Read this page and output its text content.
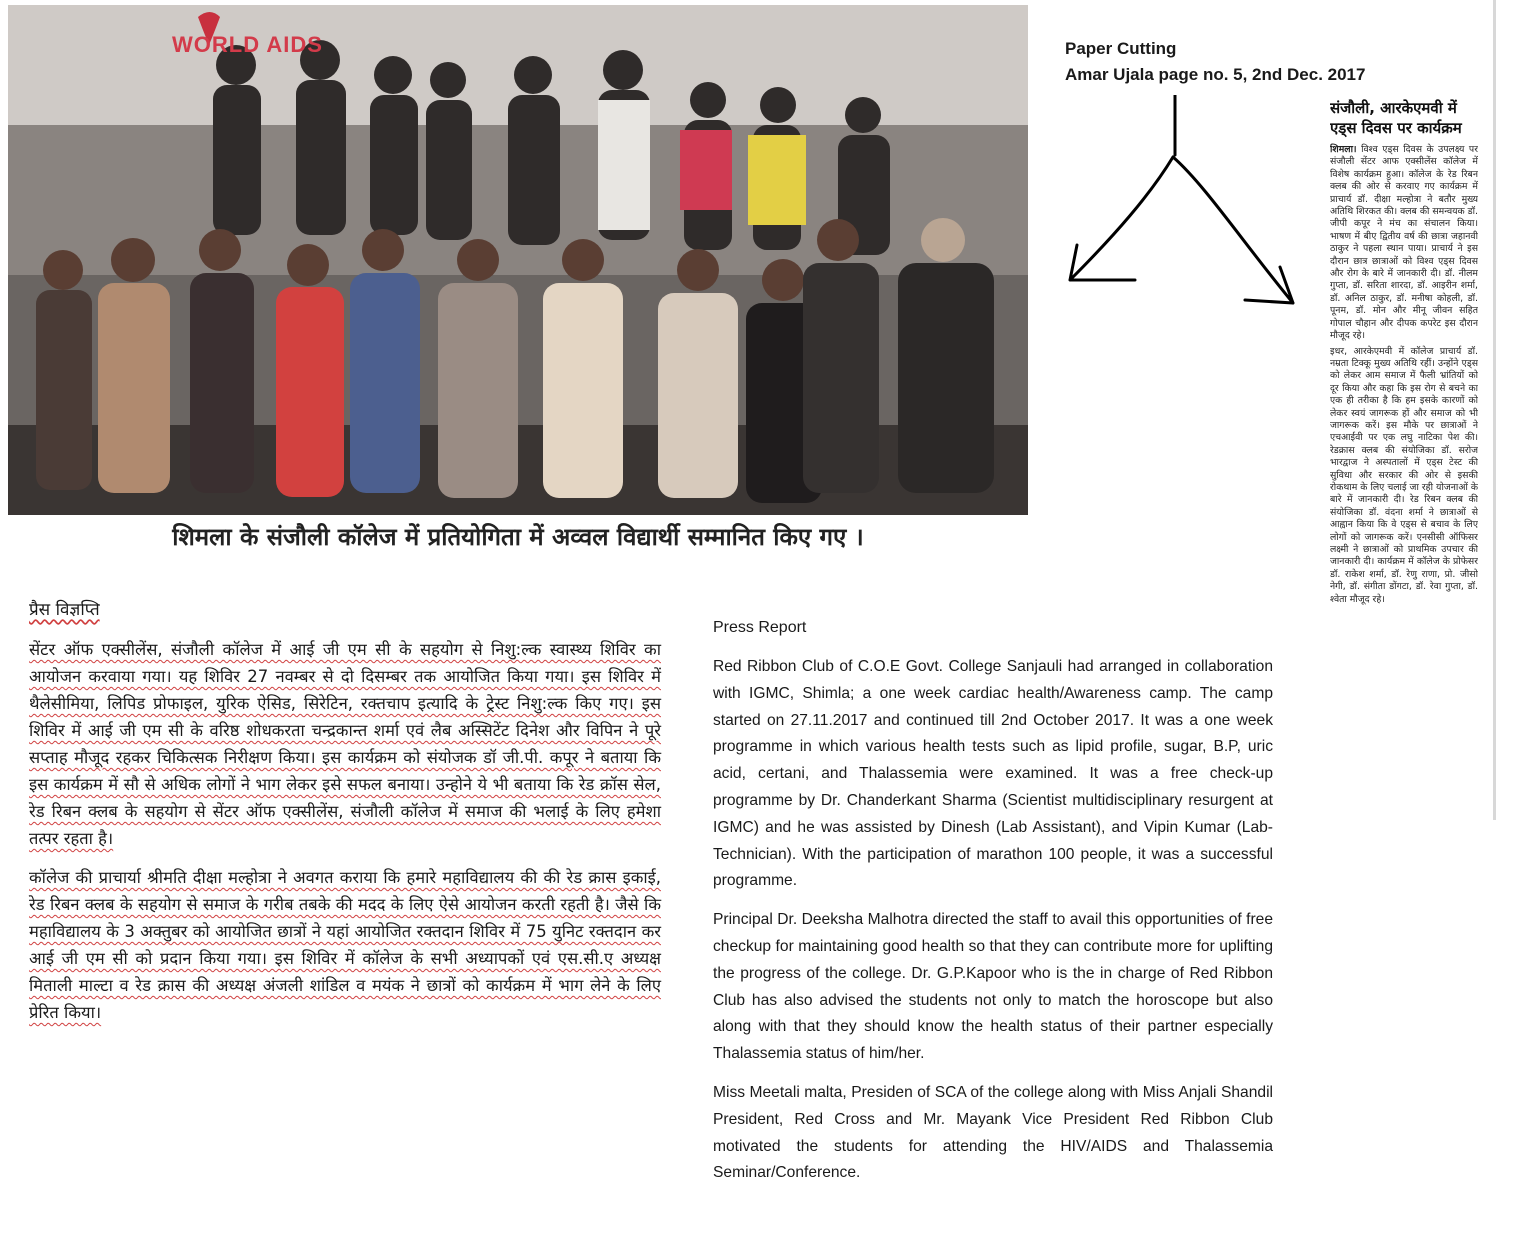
WORLD AIDS
शिमला के संजौली कॉलेज में प्रतियोगिता में अव्वल विद्यार्थी सम्मानित किए गए ।
Paper Cutting
Amar Ujala page no. 5, 2nd Dec. 2017
संजौली, आरकेएमवी में
एड्स दिवस पर कार्यक्रम

शिमला। विश्व एड्स दिवस के उपलक्ष्य पर संजौली सेंटर आफ एक्सीलेंस कॉलेज में विशेष कार्यक्रम हुआ। कॉलेज के रेड रिबन क्लब की ओर से करवाए गए कार्यक्रम में प्राचार्य डॉ. दीक्षा मल्होत्रा ने बतौर मुख्य अतिथि शिरकत की। क्लब की समन्वयक डॉ. जीपी कपूर ने मंच का संचालन किया। भाषण में बीए द्वितीय वर्ष की छात्रा जहानवी ठाकुर ने पहला स्थान पाया। प्राचार्य ने इस दौरान छात्र छात्राओं को विश्व एड्स दिवस और रोग के बारे में जानकारी दी। डॉ. नीलम गुप्ता, डॉ. सरिता शारदा, डॉ. आइरीन शर्मा, डॉ. अनिल ठाकुर, डॉ. मनीषा कोहली, डॉ. पूनम, डॉ. मोन और मीनू जीवन सहित गोपाल चौहान और दीपक कपरेट इस दौरान मौजूद रहे।

इधर, आरकेएमवी में कॉलेज प्राचार्य डॉ. नम्रता टिक्कू मुख्य अतिथि रहीं। उन्होंने एड्स को लेकर आम समाज में फैली भ्रांतियों को दूर किया और कहा कि इस रोग से बचने का एक ही तरीका है कि हम इसके कारणों को लेकर स्वयं जागरूक हों और समाज को भी जागरूक करें। इस मौके पर छात्राओं ने एचआईवी पर एक लघु नाटिका पेश की। रेडक्रास क्लब की संयोजिका डॉ. सरोज भारद्वाज ने अस्पतालों में एड्स टेस्ट की सुविधा और सरकार की ओर से इसकी रोकथाम के लिए चलाई जा रही योजनाओं के बारे में जानकारी दी। रेड रिबन क्लब की संयोजिका डॉ. वंदना शर्मा ने छात्राओं से आह्वान किया कि वे एड्स से बचाव के लिए लोगों को जागरूक करें। एनसीसी ऑफिसर लक्ष्मी ने छात्राओं को प्राथमिक उपचार की जानकारी दी। कार्यक्रम में कॉलेज के प्रोफेसर डॉ. राकेश शर्मा, डॉ. रेणु राणा, प्रो. जीसो नेगी, डॉ. संगीता डोंगटा, डॉ. रेवा गुप्ता, डॉ. श्वेता मौजूद रहे।

प्रैस विज्ञप्ति

सेंटर ऑफ एक्सीलेंस, संजौली कॉलेज में आई जी एम सी के सहयोग से निशु:ल्क स्वास्थ्य शिविर का आयोजन करवाया गया। यह शिविर 27 नवम्बर से दो दिसम्बर तक आयोजित किया गया। इस शिविर में थैलेसीमिया, लिपिड प्रोफाइल, युरिक ऐसिड, सिरेटिन, रक्तचाप इत्यादि के ट्रेस्ट निशु:ल्क किए गए। इस शिविर में आई जी एम सी के वरिष्ठ शोधकरता चन्द्रकान्त शर्मा एवं लैब अस्सिटेंट दिनेश और विपिन ने पूरे सप्ताह मौजूद रहकर चिकित्सक निरीक्षण किया। इस कार्यक्रम को संयोजक डॉ जी.पी. कपूर ने बताया कि इस कार्यक्रम में सौ से अधिक लोगों ने भाग लेकर इसे सफल बनाया। उन्होने ये भी बताया कि रेड क्रॉस सेल, रेड रिबन क्लब के सहयोग से सेंटर ऑफ एक्सीलेंस, संजौली कॉलेज में समाज की भलाई के लिए हमेशा तत्पर रहता है।

कॉलेज की प्राचार्या श्रीमति दीक्षा मल्होत्रा ने अवगत कराया कि हमारे महाविद्यालय की की रेड क्रास इकाई, रेड रिबन क्लब के सहयोग से समाज के गरीब तबके की मदद के लिए ऐसे आयोजन करती रहती है। जैसे कि महाविद्यालय के 3 अक्तुबर को आयोजित छात्रों ने यहां आयोजित रक्तदान शिविर में 75 युनिट रक्तदान कर आई जी एम सी को प्रदान किया गया। इस शिविर में कॉलेज के सभी अध्यापकों एवं एस.सी.ए अध्यक्ष मिताली माल्टा व रेड क्रास की अध्यक्ष अंजली शांडिल व मयंक ने छात्रों को कार्यक्रम में भाग लेने के लिए प्रेरित किया।

Press Report

Red Ribbon Club of C.O.E Govt. College Sanjauli had arranged in collaboration with IGMC, Shimla; a one week cardiac health/Awareness camp. The camp started on 27.11.2017 and continued till 2nd October 2017. It was a one week programme in which various health tests such as lipid profile, sugar, B.P, uric acid, certani, and Thalassemia were examined. It was a free check-up programme by Dr. Chanderkant Sharma (Scientist multidisciplinary resurgent at IGMC) and he was assisted by Dinesh (Lab Assistant), and Vipin Kumar (Lab-Technician). With the participation of marathon 100 people, it was a successful programme.

Principal Dr. Deeksha Malhotra directed the staff to avail this opportunities of free checkup for maintaining good health so that they can contribute more for uplifting the progress of the college. Dr. G.P.Kapoor who is the in charge of Red Ribbon Club has also advised the students not only to match the horoscope but also along with that they should know the health status of their partner especially Thalassemia status of him/her.

Miss Meetali malta, Presiden of SCA of the college along with Miss Anjali Shandil President, Red Cross and Mr. Mayank Vice President Red Ribbon Club motivated the students for attending the HIV/AIDS and Thalassemia Seminar/Conference.
